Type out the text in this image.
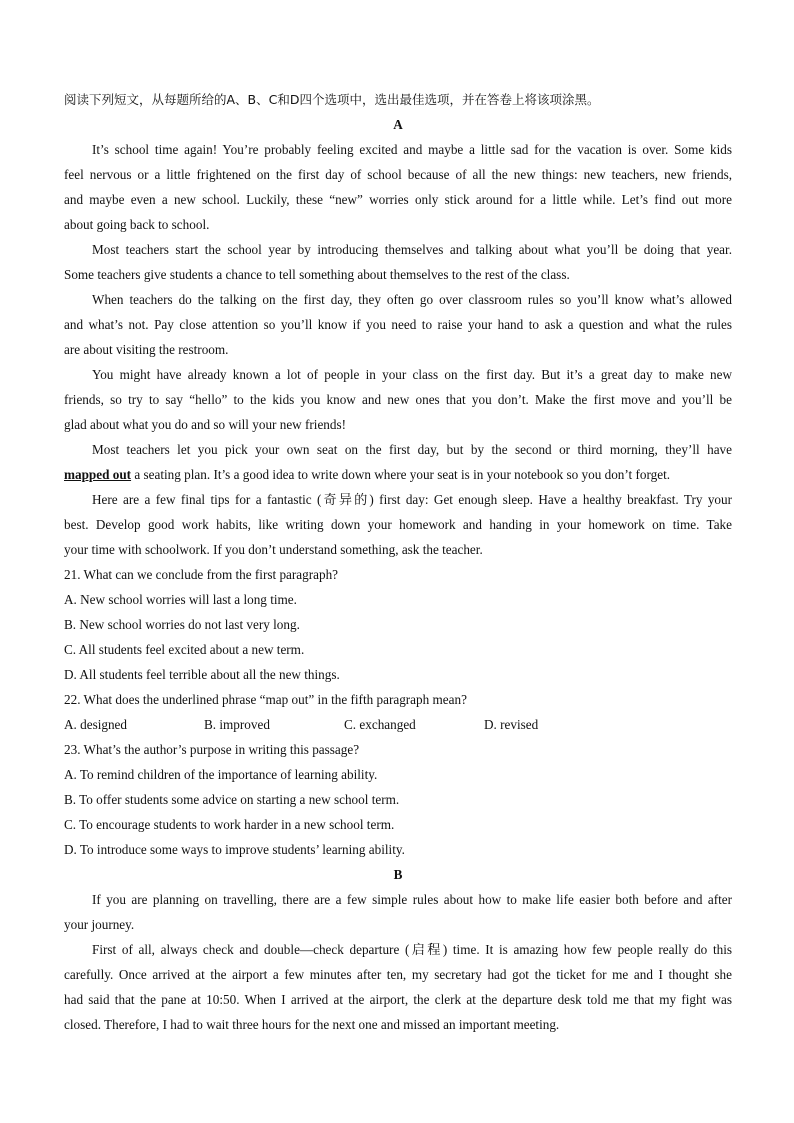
阅读下列短文，从每题所给的A、B、C和D四个选项中，选出最佳选项，并在答卷上将该项涂黑。
A
It’s school time again! You’re probably feeling excited and maybe a little sad for the vacation is over. Some kids
feel nervous or a little frightened on the first day of school because of all the new things: new teachers, new friends,
and maybe even a new school. Luckily, these “new” worries only stick around for a little while. Let’s find out more
about going back to school.
Most teachers start the school year by introducing themselves and talking about what you’ll be doing that year.
Some teachers give students a chance to tell something about themselves to the rest of the class.
When teachers do the talking on the first day, they often go over classroom rules so you’ll know what’s allowed
and what’s not. Pay close attention so you’ll know if you need to raise your hand to ask a question and what the rules
are about visiting the restroom.
You might have already known a lot of people in your class on the first day. But it’s a great day to make new
friends, so try to say “hello” to the kids you know and new ones that you don’t. Make the first move and you’ll be
glad about what you do and so will your new friends!
Most teachers let you pick your own seat on the first day, but by the second or third morning, they’ll have
mapped out a seating plan. It’s a good idea to write down where your seat is in your notebook so you don’t forget.
Here are a few final tips for a fantastic (奇异的) first day: Get enough sleep. Have a healthy breakfast. Try your
best. Develop good work habits, like writing down your homework and handing in your homework on time. Take
your time with schoolwork. If you don’t understand something, ask the teacher.
21. What can we conclude from the first paragraph?
A. New school worries will last a long time.
B. New school worries do not last very long.
C. All students feel excited about a new term.
D. All students feel terrible about all the new things.
22. What does the underlined phrase “map out” in the fifth paragraph mean?
A. designed	B. improved	C. exchanged	D. revised
23. What’s the author’s purpose in writing this passage?
A. To remind children of the importance of learning ability.
B. To offer students some advice on starting a new school term.
C. To encourage students to work harder in a new school term.
D. To introduce some ways to improve students’ learning ability.
B
If you are planning on travelling, there are a few simple rules about how to make life easier both before and after
your journey.
First of all, always check and double—check departure (启程) time. It is amazing how few people really do this
carefully. Once arrived at the airport a few minutes after ten, my secretary had got the ticket for me and I thought she
had said that the pane at 10:50. When I arrived at the airport, the clerk at the departure desk told me that my fight was
closed. Therefore, I had to wait three hours for the next one and missed an important meeting.
